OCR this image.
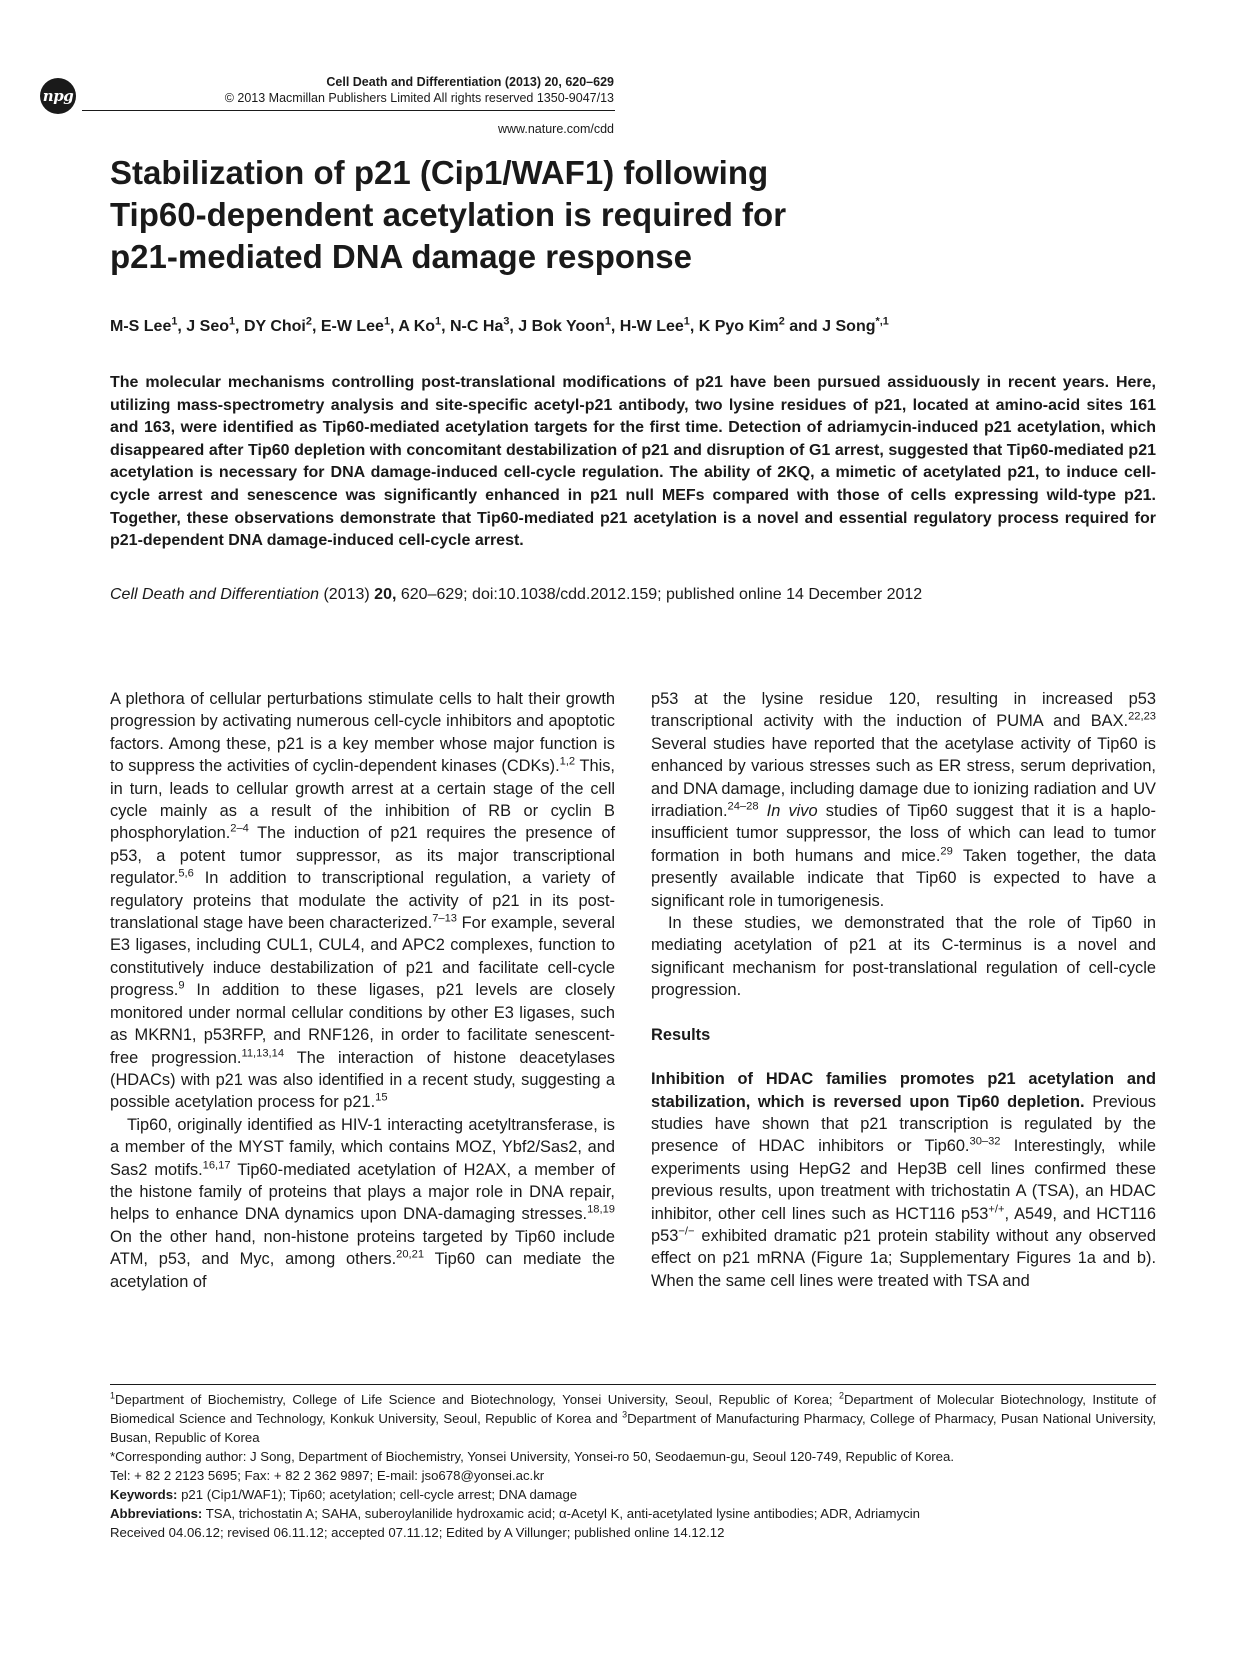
npg
Cell Death and Differentiation (2013) 20, 620–629
© 2013 Macmillan Publishers Limited All rights reserved 1350-9047/13
www.nature.com/cdd
Stabilization of p21 (Cip1/WAF1) following
Tip60-dependent acetylation is required for
p21-mediated DNA damage response
M-S Lee$^1$, J Seo$^1$, DY Choi$^2$, E-W Lee$^1$, A Ko$^1$, N-C Ha$^3$, J Bok Yoon$^1$, H-W Lee$^1$, K Pyo Kim$^2$ and J Song$^{*,1}$

The molecular mechanisms controlling post-translational modifications of p21 have been pursued assiduously in recent years. Here, utilizing mass-spectrometry analysis and site-specific acetyl-p21 antibody, two lysine residues of p21, located at amino-acid sites 161 and 163, were identified as Tip60-mediated acetylation targets for the first time. Detection of adriamycin-induced p21 acetylation, which disappeared after Tip60 depletion with concomitant destabilization of p21 and disruption of G1 arrest, suggested that Tip60-mediated p21 acetylation is necessary for DNA damage-induced cell-cycle regulation. The ability of 2KQ, a mimetic of acetylated p21, to induce cell-cycle arrest and senescence was significantly enhanced in p21 null MEFs compared with those of cells expressing wild-type p21. Together, these observations demonstrate that Tip60-mediated p21 acetylation is a novel and essential regulatory process required for p21-dependent DNA damage-induced cell-cycle arrest.

Cell Death and Differentiation (2013) 20, 620–629; doi:10.1038/cdd.2012.159; published online 14 December 2012

A plethora of cellular perturbations stimulate cells to halt their growth progression by activating numerous cell-cycle inhibitors and apoptotic factors. Among these, p21 is a key member whose major function is to suppress the activities of cyclin-dependent kinases (CDKs).$^{1,2}$ This, in turn, leads to cellular growth arrest at a certain stage of the cell cycle mainly as a result of the inhibition of RB or cyclin B phosphorylation.$^{2-4}$ The induction of p21 requires the presence of p53, a potent tumor suppressor, as its major transcriptional regulator.$^{5,6}$ In addition to transcriptional regulation, a variety of regulatory proteins that modulate the activity of p21 in its post-translational stage have been characterized.$^{7-13}$ For example, several E3 ligases, including CUL1, CUL4, and APC2 complexes, function to constitutively induce destabilization of p21 and facilitate cell-cycle progress.$^9$ In addition to these ligases, p21 levels are closely monitored under normal cellular conditions by other E3 ligases, such as MKRN1, p53RFP, and RNF126, in order to facilitate senescent-free progression.$^{11,13,14}$ The interaction of histone deacetylases (HDACs) with p21 was also identified in a recent study, suggesting a possible acetylation process for p21.15

Tip60, originally identified as HIV-1 interacting acetyltransferase, is a member of the MYST family, which contains MOZ, Ybf2/Sas2, and Sas2 motifs.$^{16,17}$ Tip60-mediated acetylation of H2AX, a member of the histone family of proteins that plays a major role in DNA repair, helps to enhance DNA dynamics upon DNA-damaging stresses.$^{18,19}$ On the other hand, non-histone proteins targeted by Tip60 include ATM, p53, and Myc, among others.$^{20,21}$ Tip60 can mediate the acetylation of

p53 at the lysine residue 120, resulting in increased p53 transcriptional activity with the induction of PUMA and BAX.$^{22,23}$ Several studies have reported that the acetylase activity of Tip60 is enhanced by various stresses such as ER stress, serum deprivation, and DNA damage, including damage due to ionizing radiation and UV irradiation.$^{24-28}$ In vivo studies of Tip60 suggest that it is a haplo-insufficient tumor suppressor, the loss of which can lead to tumor formation in both humans and mice.$^{29}$ Taken together, the data presently available indicate that Tip60 is expected to have a significant role in tumorigenesis.

In these studies, we demonstrated that the role of Tip60 in mediating acetylation of p21 at its C-terminus is a novel and significant mechanism for post-translational regulation of cell-cycle progression.

Results

Inhibition of HDAC families promotes p21 acetylation and stabilization, which is reversed upon Tip60 depletion. Previous studies have shown that p21 transcription is regulated by the presence of HDAC inhibitors or Tip60.$^{30-32}$ Interestingly, while experiments using HepG2 and Hep3B cell lines confirmed these previous results, upon treatment with trichostatin A (TSA), an HDAC inhibitor, other cell lines such as HCT116 p53+/+, A549, and HCT116 p53−/− exhibited dramatic p21 protein stability without any observed effect on p21 mRNA (Figure 1a; Supplementary Figures 1a and b). When the same cell lines were treated with TSA and

$^1$Department of Biochemistry, College of Life Science and Biotechnology, Yonsei University, Seoul, Republic of Korea; $^2$Department of Molecular Biotechnology, Institute of Biomedical Science and Technology, Konkuk University, Seoul, Republic of Korea and $^3$Department of Manufacturing Pharmacy, College of Pharmacy, Pusan National University, Busan, Republic of Korea
*Corresponding author: J Song, Department of Biochemistry, Yonsei University, Yonsei-ro 50, Seodaemun-gu, Seoul 120-749, Republic of Korea.
Tel: + 82 2 2123 5695; Fax: + 82 2 362 9897; E-mail: jso678@yonsei.ac.kr
Keywords: p21 (Cip1/WAF1); Tip60; acetylation; cell-cycle arrest; DNA damage
Abbreviations: TSA, trichostatin A; SAHA, suberoylanilide hydroxamic acid; α-Acetyl K, anti-acetylated lysine antibodies; ADR, Adriamycin
Received 04.06.12; revised 06.11.12; accepted 07.11.12; Edited by A Villunger; published online 14.12.12
